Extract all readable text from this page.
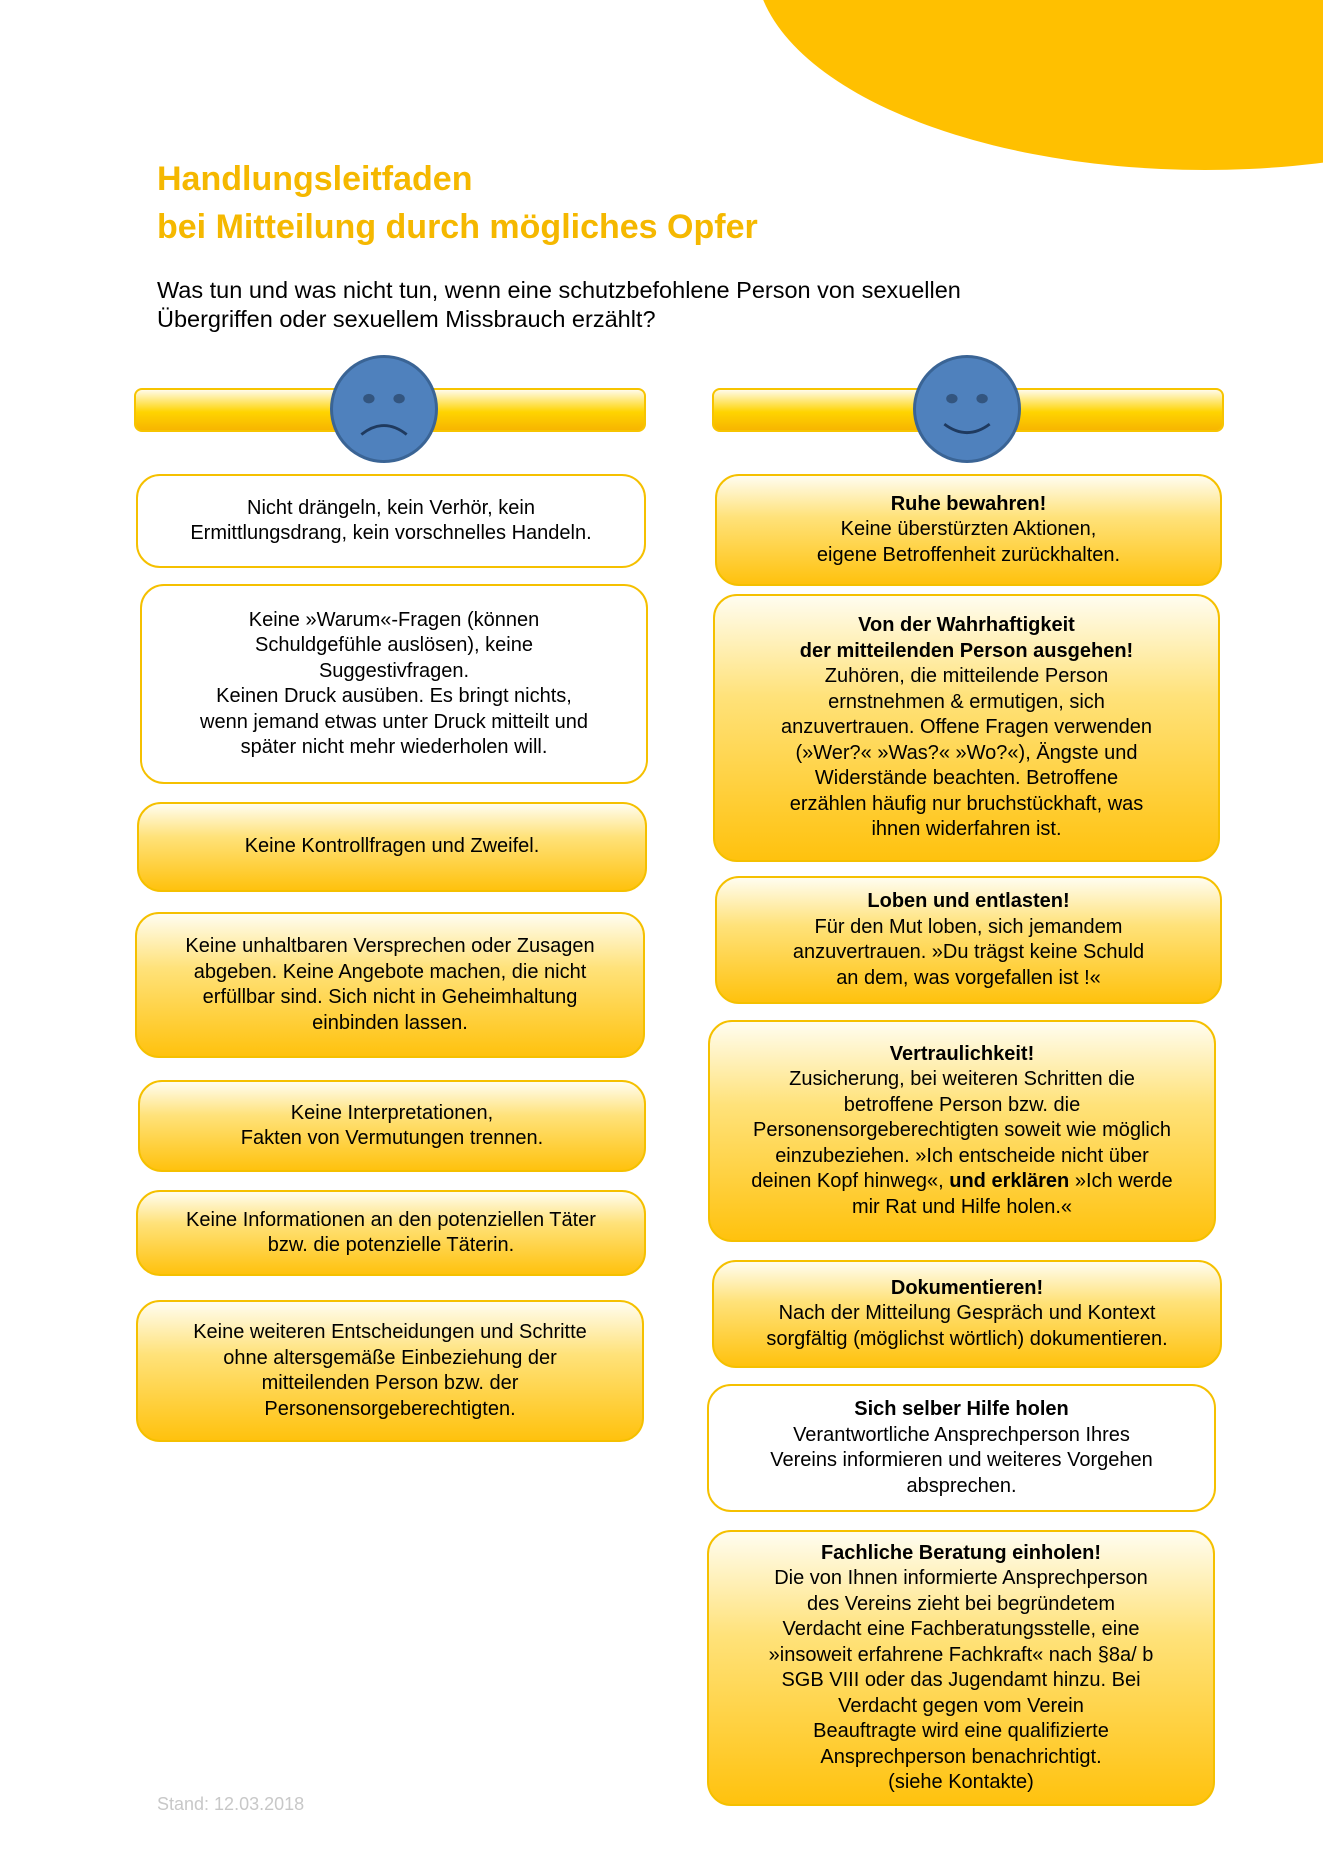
Handlungsleitfaden
bei Mitteilung durch mögliches Opfer
Was tun und was nicht tun, wenn eine schutzbefohlene Person von sexuellen
Übergriffen oder sexuellem Missbrauch erzählt?
Nicht drängeln, kein Verhör, kein
Ermittlungsdrang, kein vorschnelles Handeln.
Keine »Warum«-Fragen (können
Schuldgefühle auslösen), keine
Suggestivfragen.
Keinen Druck ausüben. Es bringt nichts,
wenn jemand etwas unter Druck mitteilt und
später nicht mehr wiederholen will.
Keine Kontrollfragen und Zweifel.
Keine unhaltbaren Versprechen oder Zusagen
abgeben. Keine Angebote machen, die nicht
erfüllbar sind. Sich nicht in Geheimhaltung
einbinden lassen.
Keine Interpretationen,
Fakten von Vermutungen trennen.
Keine Informationen an den potenziellen Täter
bzw. die potenzielle Täterin.
Keine weiteren Entscheidungen und Schritte
ohne altersgemäße Einbeziehung der
mitteilenden Person bzw. der
Personensorgeberechtigten.
Ruhe bewahren!
Keine überstürzten Aktionen,
eigene Betroffenheit zurückhalten.
Von der Wahrhaftigkeit
der mitteilenden Person ausgehen!
Zuhören, die mitteilende Person
ernstnehmen & ermutigen, sich
anzuvertrauen. Offene Fragen verwenden
(»Wer?« »Was?« »Wo?«), Ängste und
Widerstände beachten. Betroffene
erzählen häufig nur bruchstückhaft, was
ihnen widerfahren ist.
Loben und entlasten!
Für den Mut loben, sich jemandem
anzuvertrauen. »Du trägst keine Schuld
an dem, was vorgefallen ist !«
Vertraulichkeit!
Zusicherung, bei weiteren Schritten die
betroffene Person bzw. die
Personensorgeberechtigten soweit wie möglich
einzubeziehen. »Ich entscheide nicht über
deinen Kopf hinweg«, und erklären »Ich werde
mir Rat und Hilfe holen.«
Dokumentieren!
Nach der Mitteilung Gespräch und Kontext
sorgfältig (möglichst wörtlich) dokumentieren.
Sich selber Hilfe holen
Verantwortliche Ansprechperson Ihres
Vereins informieren und weiteres Vorgehen
absprechen.
Fachliche Beratung einholen!
Die von Ihnen informierte Ansprechperson
des Vereins zieht bei begründetem
Verdacht eine Fachberatungsstelle, eine
»insoweit erfahrene Fachkraft« nach §8a/ b
SGB VIII oder das Jugendamt hinzu. Bei
Verdacht gegen vom Verein
Beauftragte wird eine qualifizierte
Ansprechperson benachrichtigt.
(siehe Kontakte)
Stand: 12.03.2018
